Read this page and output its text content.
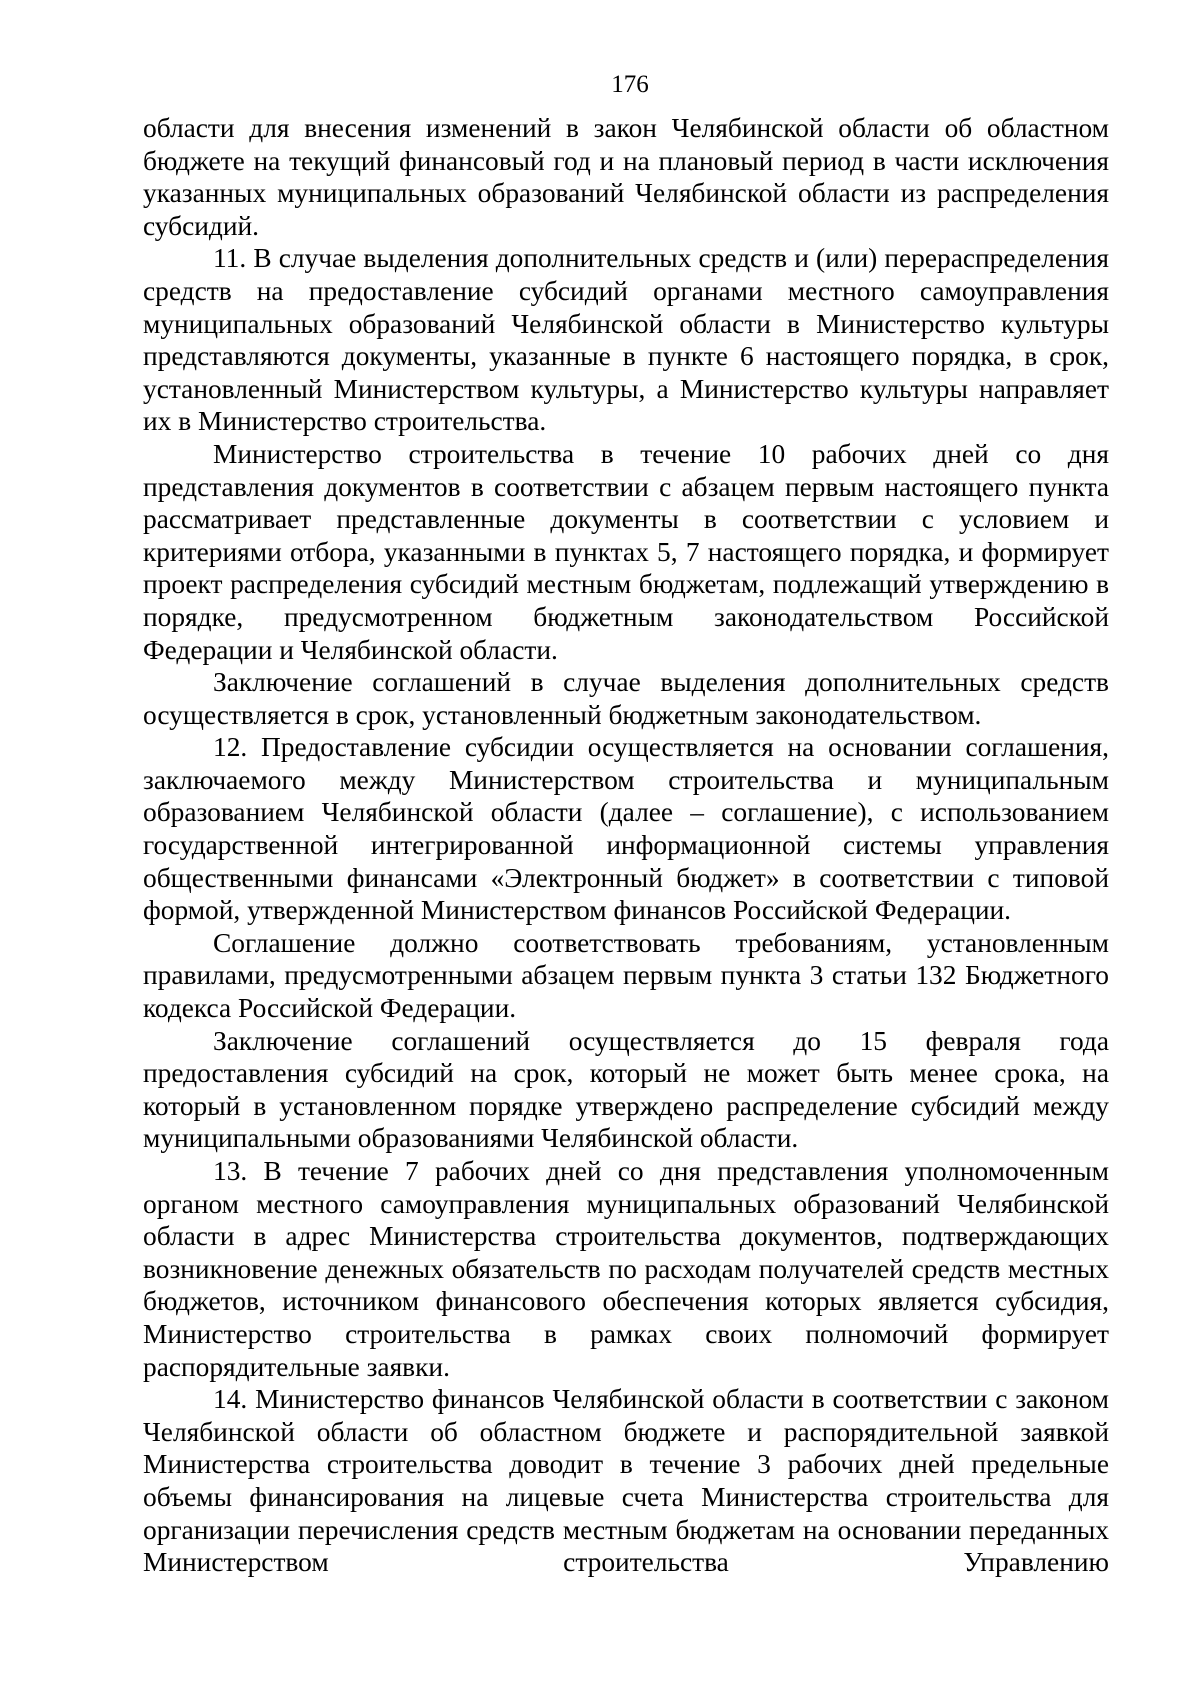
176

области для внесения изменений в закон Челябинской области об областном бюджете на текущий финансовый год и на плановый период в части исключения указанных муниципальных образований Челябинской области из распределения субсидий.

11. В случае выделения дополнительных средств и (или) перераспределения средств на предоставление субсидий органами местного самоуправления муниципальных образований Челябинской области в Министерство культуры представляются документы, указанные в пункте 6 настоящего порядка, в срок, установленный Министерством культуры, а Министерство культуры направляет их в Министерство строительства.

Министерство строительства в течение 10 рабочих дней со дня представления документов в соответствии с абзацем первым настоящего пункта рассматривает представленные документы в соответствии с условием и критериями отбора, указанными в пунктах 5, 7 настоящего порядка, и формирует проект распределения субсидий местным бюджетам, подлежащий утверждению в порядке, предусмотренном бюджетным законодательством Российской Федерации и Челябинской области.

Заключение соглашений в случае выделения дополнительных средств осуществляется в срок, установленный бюджетным законодательством.

12. Предоставление субсидии осуществляется на основании соглашения, заключаемого между Министерством строительства и муниципальным образованием Челябинской области (далее – соглашение), с использованием государственной интегрированной информационной системы управления общественными финансами «Электронный бюджет» в соответствии с типовой формой, утвержденной Министерством финансов Российской Федерации.

Соглашение должно соответствовать требованиям, установленным правилами, предусмотренными абзацем первым пункта 3 статьи 132 Бюджетного кодекса Российской Федерации.

Заключение соглашений осуществляется до 15 февраля года предоставления субсидий на срок, который не может быть менее срока, на который в установленном порядке утверждено распределение субсидий между муниципальными образованиями Челябинской области.

13. В течение 7 рабочих дней со дня представления уполномоченным органом местного самоуправления муниципальных образований Челябинской области в адрес Министерства строительства документов, подтверждающих возникновение денежных обязательств по расходам получателей средств местных бюджетов, источником финансового обеспечения которых является субсидия, Министерство строительства в рамках своих полномочий формирует распорядительные заявки.

14. Министерство финансов Челябинской области в соответствии с законом Челябинской области об областном бюджете и распорядительной заявкой Министерства строительства доводит в течение 3 рабочих дней предельные объемы финансирования на лицевые счета Министерства строительства для организации перечисления средств местным бюджетам на основании переданных Министерством строительства Управлению
